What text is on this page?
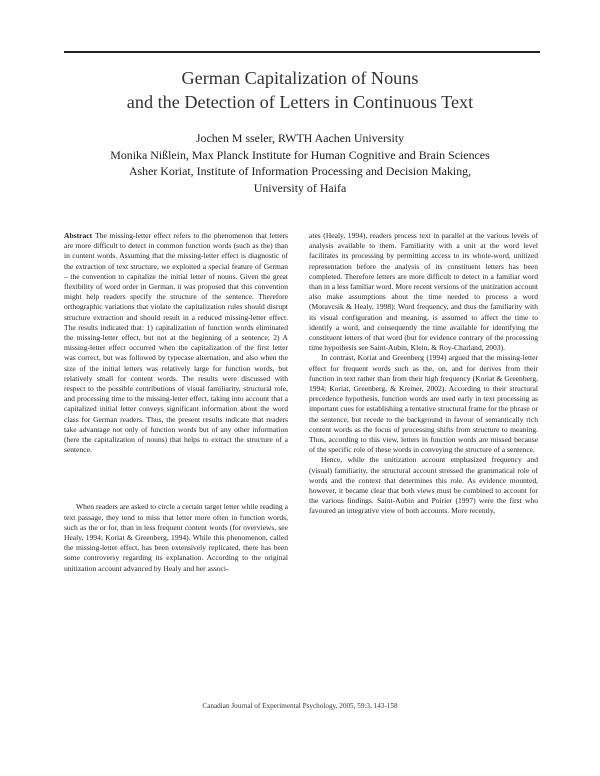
German Capitalization of Nouns
and the Detection of Letters in Continuous Text
Jochen M sseler, RWTH Aachen University
Monika Nißlein, Max Planck Institute for Human Cognitive and Brain Sciences
Asher Koriat, Institute of Information Processing and Decision Making,
University of Haifa

Abstract The missing-letter effect refers to the phenomenon that letters are more difficult to detect in common function words (such as the) than in content words. Assuming that the missing-letter effect is diagnostic of the extraction of text structure, we exploited a special feature of German – the convention to capitalize the initial letter of nouns. Given the great flexibility of word order in German, it was proposed that this convention might help readers specify the structure of the sentence. Therefore orthographic variations that violate the capitalization rules should disrupt structure extraction and should result in a reduced missing-letter effect. The results indicated that: 1) capitalization of function words eliminated the missing-letter effect, but not at the beginning of a sentence; 2) A missing-letter effect occurred when the capitalization of the first letter was correct, but was followed by typecase alternation, and also when the size of the initial letters was relatively large for function words, but relatively small for content words. The results were discussed with respect to the possible contributions of visual familiarity, structural role, and processing time to the missing-letter effect, taking into account that a capitalized initial letter conveys significant information about the word class for German readers. Thus, the present results indicate that readers take advantage not only of function words but of any other information (here the capitalization of nouns) that helps to extract the structure of a sentence.

When readers are asked to circle a certain target letter while reading a text passage, they tend to miss that letter more often in function words, such as the or for, than in less frequent content words (for overviews, see Healy, 1994; Koriat & Greenberg, 1994). While this phenomenon, called the missing-letter effect, has been extensively replicated, there has been some controversy regarding its explanation. According to the original unitization account advanced by Healy and her associ-

ates (Healy, 1994), readers process text in parallel at the various levels of analysis available to them. Familiarity with a unit at the word level facilitates its processing by permitting access to its whole-word, unitized representation before the analysis of its constituent letters has been completed. Therefore letters are more difficult to detect in a familiar word than in a less familiar word. More recent versions of the unitization account also make assumptions about the time needed to process a word (Moravcsik & Healy, 1998): Word frequency, and thus the familiarity with its visual configuration and meaning, is assumed to affect the time to identify a word, and consequently the time available for identifying the constituent letters of that word (but for evidence contrary of the processing time hypothesis see Saint-Aubin, Klein, & Roy-Charland, 2003).

In contrast, Koriat and Greenberg (1994) argued that the missing-letter effect for frequent words such as the, on, and for derives from their function in text rather than from their high frequency (Koriat & Greenberg, 1994; Koriat, Greenberg, & Kreiner, 2002). According to their structural precedence hypothesis, function words are used early in text processing as important cues for establishing a tentative structural frame for the phrase or the sentence, but recede to the background in favour of semantically rich content words as the focus of processing shifts from structure to meaning. Thus, according to this view, letters in function words are missed because of the specific role of these words in conveying the structure of a sentence.

Hence, while the unitization account emphasized frequency and (visual) familiarity, the structural account stressed the grammatical role of words and the context that determines this role. As evidence mounted, however, it became clear that both views must be combined to account for the various findings. Saint-Aubin and Poirier (1997) were the first who favoured an integrative view of both accounts. More recently,

Canadian Journal of Experimental Psychology, 2005, 59:3, 143-158
